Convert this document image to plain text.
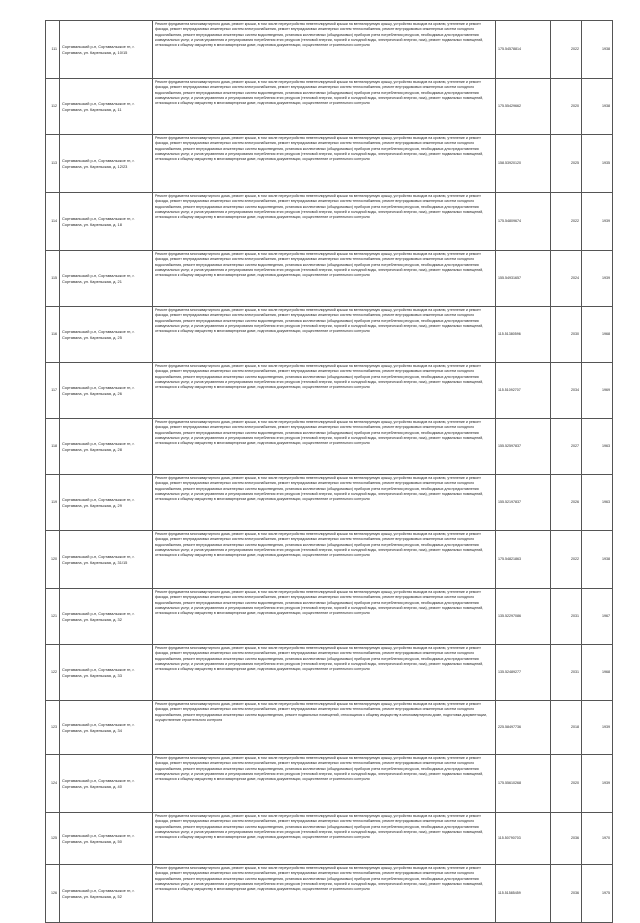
111	Сортавальский р-н, Сортавальское гп, г. Сортавала, ул. Карельская, д. 10/15	Ремонт фундамента многоквартирного дома, ремонт крыши, в том числе переустройство невентилируемой крыши на вентилируемую крышу, устройство выходов на кровлю, утепление и ремонт фасада, ремонт внутридомовых инженерных систем электроснабжения, ремонт внутридомовых инженерных систем теплоснабжения, ремонт внутридомовых инженерных систем холодного водоснабжения, ремонт внутридомовых инженерных систем водоотведения, установка коллективных (общедомовых) приборов учета потребления ресурсов, необходимых для предоставления коммунальных услуг, и узлов управления и регулирования потребления этих ресурсов (тепловой энергии, горячей и холодной воды, электрической энергии, газа), ремонт подвальных помещений, относящихся к общему имуществу в многоквартирном доме, подготовка документации, осуществление строительного контроля	175.54578814	2022	1938
112	Сортавальский р-н, Сортавальское гп, г. Сортавала, ул. Карельская, д. 11	Ремонт фундамента многоквартирного дома, ремонт крыши, в том числе переустройство невентилируемой крыши на вентилируемую крышу, устройство выходов на кровлю, утепление и ремонт фасада, ремонт внутридомовых инженерных систем электроснабжения, ремонт внутридомовых инженерных систем теплоснабжения, ремонт внутридомовых инженерных систем холодного водоснабжения, ремонт внутридомовых инженерных систем водоотведения, установка коллективных (общедомовых) приборов учета потребления ресурсов, необходимых для предоставления коммунальных услуг, и узлов управления и регулирования потребления этих ресурсов (тепловой энергии, горячей и холодной воды, электрической энергии, газа), ремонт подвальных помещений, относящихся к общему имуществу в многоквартирном доме, подготовка документации, осуществление строительного контроля	175.55429662	2020	1938
113	Сортавальский р-н, Сортавальское гп, г. Сортавала, ул. Карельская, д. 12/23	Ремонт фундамента многоквартирного дома, ремонт крыши, в том числе переустройство невентилируемой крыши на вентилируемую крышу, устройство выходов на кровлю, утепление и ремонт фасада, ремонт внутридомовых инженерных систем электроснабжения, ремонт внутридомовых инженерных систем теплоснабжения, ремонт внутридомовых инженерных систем холодного водоснабжения, ремонт внутридомовых инженерных систем водоотведения, установка коллективных (общедомовых) приборов учета потребления ресурсов, необходимых для предоставления коммунальных услуг, и узлов управления и регулирования потребления этих ресурсов (тепловой энергии, горячей и холодной воды, электрической энергии, газа), ремонт подвальных помещений, относящихся к общему имуществу в многоквартирном доме, подготовка документации, осуществление строительного контроля	158.53920120	2025	1935
114	Сортавальский р-н, Сортавальское гп, г. Сортавала, ул. Карельская, д. 18	Ремонт фундамента многоквартирного дома, ремонт крыши, в том числе переустройство невентилируемой крыши на вентилируемую крышу, устройство выходов на кровлю, утепление и ремонт фасада, ремонт внутридомовых инженерных систем электроснабжения, ремонт внутридомовых инженерных систем теплоснабжения, ремонт внутридомовых инженерных систем холодного водоснабжения, ремонт внутридомовых инженерных систем водоотведения, установка коллективных (общедомовых) приборов учета потребления ресурсов, необходимых для предоставления коммунальных услуг, и узлов управления и регулирования потребления этих ресурсов (тепловой энергии, горячей и холодной воды, электрической энергии, газа), ремонт подвальных помещений, относящихся к общему имуществу в многоквартирном доме, подготовка документации, осуществление строительного контроля	175.54809674	2022	1939
115	Сортавальский р-н, Сортавальское гп, г. Сортавала, ул. Карельская, д. 21	Ремонт фундамента многоквартирного дома, ремонт крыши, в том числе переустройство невентилируемой крыши на вентилируемую крышу, устройство выходов на кровлю, утепление и ремонт фасада, ремонт внутридомовых инженерных систем электроснабжения, ремонт внутридомовых инженерных систем теплоснабжения, ремонт внутридомовых инженерных систем холодного водоснабжения, ремонт внутридомовых инженерных систем водоотведения, установка коллективных (общедомовых) приборов учета потребления ресурсов, необходимых для предоставления коммунальных услуг, и узлов управления и регулирования потребления этих ресурсов (тепловой энергии, горячей и холодной воды, электрической энергии, газа), ремонт подвальных помещений, относящихся к общему имуществу в многоквартирном доме, подготовка документации, осуществление строительного контроля	155.54931657	2024	1939
116	Сортавальский р-н, Сортавальское гп, г. Сортавала, ул. Карельская, д. 25	Ремонт фундамента многоквартирного дома, ремонт крыши, в том числе переустройство невентилируемой крыши на вентилируемую крышу, устройство выходов на кровлю, утепление и ремонт фасада, ремонт внутридомовых инженерных систем электроснабжения, ремонт внутридомовых инженерных систем теплоснабжения, ремонт внутридомовых инженерных систем холодного водоснабжения, ремонт внутридомовых инженерных систем водоотведения, установка коллективных (общедомовых) приборов учета потребления ресурсов, необходимых для предоставления коммунальных услуг, и узлов управления и регулирования потребления этих ресурсов (тепловой энергии, горячей и холодной воды, электрической энергии, газа), ремонт подвальных помещений, относящихся к общему имуществу в многоквартирном доме, подготовка документации, осуществление строительного контроля	115.51380596	2030	1968
117	Сортавальский р-н, Сортавальское гп, г. Сортавала, ул. Карельская, д. 26	Ремонт фундамента многоквартирного дома, ремонт крыши, в том числе переустройство невентилируемой крыши на вентилируемую крышу, устройство выходов на кровлю, утепление и ремонт фасада, ремонт внутридомовых инженерных систем электроснабжения, ремонт внутридомовых инженерных систем теплоснабжения, ремонт внутридомовых инженерных систем холодного водоснабжения, ремонт внутридомовых инженерных систем водоотведения, установка коллективных (общедомовых) приборов учета потребления ресурсов, необходимых для предоставления коммунальных услуг, и узлов управления и регулирования потребления этих ресурсов (тепловой энергии, горячей и холодной воды, электрической энергии, газа), ремонт подвальных помещений, относящихся к общему имуществу в многоквартирном доме, подготовка документации, осуществление строительного контроля	115.51092707	2034	1969
118	Сортавальский р-н, Сортавальское гп, г. Сортавала, ул. Карельская, д. 28	Ремонт фундамента многоквартирного дома, ремонт крыши, в том числе переустройство невентилируемой крыши на вентилируемую крышу, устройство выходов на кровлю, утепление и ремонт фасада, ремонт внутридомовых инженерных систем электроснабжения, ремонт внутридомовых инженерных систем теплоснабжения, ремонт внутридомовых инженерных систем холодного водоснабжения, ремонт внутридомовых инженерных систем водоотведения, установка коллективных (общедомовых) приборов учета потребления ресурсов, необходимых для предоставления коммунальных услуг, и узлов управления и регулирования потребления этих ресурсов (тепловой энергии, горячей и холодной воды, электрической энергии, газа), ремонт подвальных помещений, относящихся к общему имуществу в многоквартирном доме, подготовка документации, осуществление строительного контроля	155.52597837	2027	1963
119	Сортавальский р-н, Сортавальское гп, г. Сортавала, ул. Карельская, д. 29	Ремонт фундамента многоквартирного дома, ремонт крыши, в том числе переустройство невентилируемой крыши на вентилируемую крышу, устройство выходов на кровлю, утепление и ремонт фасада, ремонт внутридомовых инженерных систем электроснабжения, ремонт внутридомовых инженерных систем теплоснабжения, ремонт внутридомовых инженерных систем холодного водоснабжения, ремонт внутридомовых инженерных систем водоотведения, установка коллективных (общедомовых) приборов учета потребления ресурсов, необходимых для предоставления коммунальных услуг, и узлов управления и регулирования потребления этих ресурсов (тепловой энергии, горячей и холодной воды, электрической энергии, газа), ремонт подвальных помещений, относящихся к общему имуществу в многоквартирном доме, подготовка документации, осуществление строительного контроля	155.52197837	2026	1963
120	Сортавальский р-н, Сортавальское гп, г. Сортавала, ул. Карельская, д. 31/15	Ремонт фундамента многоквартирного дома, ремонт крыши, в том числе переустройство невентилируемой крыши на вентилируемую крышу, устройство выходов на кровлю, утепление и ремонт фасада, ремонт внутридомовых инженерных систем электроснабжения, ремонт внутридомовых инженерных систем теплоснабжения, ремонт внутридомовых инженерных систем холодного водоснабжения, ремонт внутридомовых инженерных систем водоотведения, установка коллективных (общедомовых) приборов учета потребления ресурсов, необходимых для предоставления коммунальных услуг, и узлов управления и регулирования потребления этих ресурсов (тепловой энергии, горячей и холодной воды, электрической энергии, газа), ремонт подвальных помещений, относящихся к общему имуществу в многоквартирном доме, подготовка документации, осуществление строительного контроля	175.54821863	2022	1938
121	Сортавальский р-н, Сортавальское гп, г. Сортавала, ул. Карельская, д. 32	Ремонт фундамента многоквартирного дома, ремонт крыши, в том числе переустройство невентилируемой крыши на вентилируемую крышу, устройство выходов на кровлю, утепление и ремонт фасада, ремонт внутридомовых инженерных систем электроснабжения, ремонт внутридомовых инженерных систем теплоснабжения, ремонт внутридомовых инженерных систем холодного водоснабжения, ремонт внутридомовых инженерных систем водоотведения, установка коллективных (общедомовых) приборов учета потребления ресурсов, необходимых для предоставления коммунальных услуг, и узлов управления и регулирования потребления этих ресурсов (тепловой энергии, горячей и холодной воды, электрической энергии, газа), ремонт подвальных помещений, относящихся к общему имуществу в многоквартирном доме, подготовка документации, осуществление строительного контроля	135.52297086	2031	1967
122	Сортавальский р-н, Сортавальское гп, г. Сортавала, ул. Карельская, д. 33	Ремонт фундамента многоквартирного дома, ремонт крыши, в том числе переустройство невентилируемой крыши на вентилируемую крышу, устройство выходов на кровлю, утепление и ремонт фасада, ремонт внутридомовых инженерных систем электроснабжения, ремонт внутридомовых инженерных систем теплоснабжения, ремонт внутридомовых инженерных систем холодного водоснабжения, ремонт внутридомовых инженерных систем водоотведения, установка коллективных (общедомовых) приборов учета потребления ресурсов, необходимых для предоставления коммунальных услуг, и узлов управления и регулирования потребления этих ресурсов (тепловой энергии, горячей и холодной воды, электрической энергии, газа), ремонт подвальных помещений, относящихся к общему имуществу в многоквартирном доме, подготовка документации, осуществление строительного контроля	135.52489277	2031	1968
123	Сортавальский р-н, Сортавальское гп, г. Сортавала, ул. Карельская, д. 34	Ремонт фундамента многоквартирного дома, ремонт крыши, в том числе переустройство невентилируемой крыши на вентилируемую крышу, устройство выходов на кровлю, утепление и ремонт фасада, ремонт внутридомовых инженерных систем электроснабжения, ремонт внутридомовых инженерных систем теплоснабжения, ремонт внутридомовых инженерных систем холодного водоснабжения, ремонт внутридомовых инженерных систем водоотведения, ремонт подвальных помещений, относящихся к общему имуществу в многоквартирном доме, подготовка документации, осуществление строительного контроля	225.58497736	2018	1939
124	Сортавальский р-н, Сортавальское гп, г. Сортавала, ул. Карельская, д. 40	Ремонт фундамента многоквартирного дома, ремонт крыши, в том числе переустройство невентилируемой крыши на вентилируемую крышу, устройство выходов на кровлю, утепление и ремонт фасада, ремонт внутридомовых инженерных систем электроснабжения, ремонт внутридомовых инженерных систем теплоснабжения, ремонт внутридомовых инженерных систем холодного водоснабжения, ремонт внутридомовых инженерных систем водоотведения, установка коллективных (общедомовых) приборов учета потребления ресурсов, необходимых для предоставления коммунальных услуг, и узлов управления и регулирования потребления этих ресурсов (тепловой энергии, горячей и холодной воды, электрической энергии, газа), ремонт подвальных помещений, относящихся к общему имуществу в многоквартирном доме, подготовка документации, осуществление строительного контроля	175.55610268	2020	1939
125	Сортавальский р-н, Сортавальское гп, г. Сортавала, ул. Карельская, д. 50	Ремонт фундамента многоквартирного дома, ремонт крыши, в том числе переустройство невентилируемой крыши на вентилируемую крышу, устройство выходов на кровлю, утепление и ремонт фасада, ремонт внутридомовых инженерных систем электроснабжения, ремонт внутридомовых инженерных систем теплоснабжения, ремонт внутридомовых инженерных систем холодного водоснабжения, ремонт внутридомовых инженерных систем водоотведения, установка коллективных (общедомовых) приборов учета потребления ресурсов, необходимых для предоставления коммунальных услуг, и узлов управления и регулирования потребления этих ресурсов (тепловой энергии, горячей и холодной воды, электрической энергии, газа), ремонт подвальных помещений, относящихся к общему имуществу в многоквартирном доме, подготовка документации, осуществление строительного контроля	115.50790703	2036	1970
126	Сортавальский р-н, Сортавальское гп, г. Сортавала, ул. Карельская, д. 52	Ремонт фундамента многоквартирного дома, ремонт крыши, в том числе переустройство невентилируемой крыши на вентилируемую крышу, устройство выходов на кровлю, утепление и ремонт фасада, ремонт внутридомовых инженерных систем электроснабжения, ремонт внутридомовых инженерных систем теплоснабжения, ремонт внутридомовых инженерных систем холодного водоснабжения, ремонт внутридомовых инженерных систем водоотведения, установка коллективных (общедомовых) приборов учета потребления ресурсов, необходимых для предоставления коммунальных услуг, и узлов управления и регулирования потребления этих ресурсов (тепловой энергии, горячей и холодной воды, электрической энергии, газа), ремонт подвальных помещений, относящихся к общему имуществу в многоквартирном доме, подготовка документации, осуществление строительного контроля	115.51585459	2036	1975
